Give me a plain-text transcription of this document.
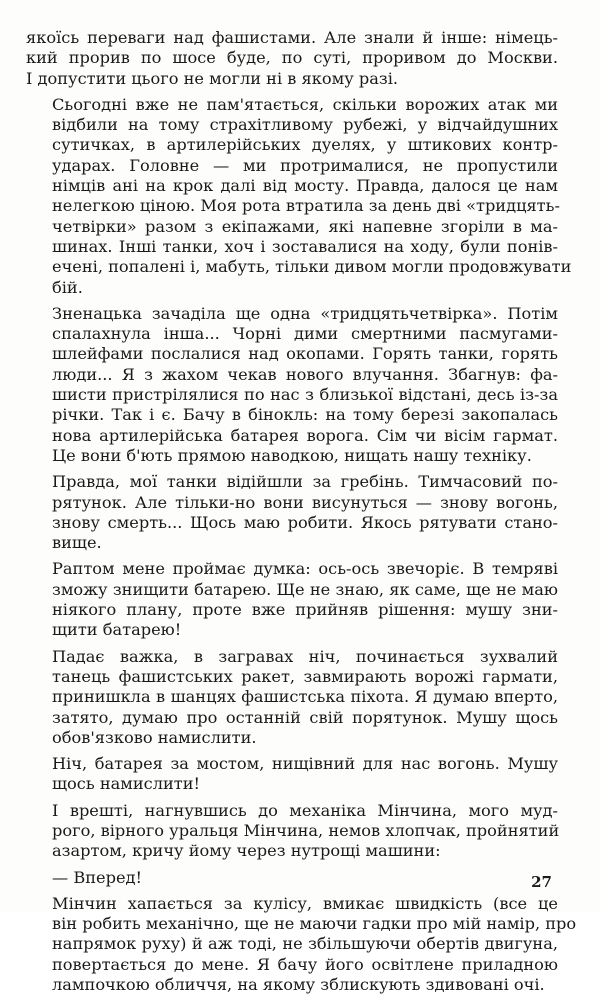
якоїсь переваги над фашистами. Але знали й інше: німець-
кий прорив по шосе буде, по суті, проривом до Москви.
І допустити цього не могли ні в якому разі.
Сьогодні вже не пам'ятається, скільки ворожих атак ми
відбили на тому страхітливому рубежі, у відчайдушних
сутичках, в артилерійських дуелях, у штикових контр-
ударах. Головне — ми протрималися, не пропустили
німців ані на крок далі від мосту. Правда, далося це нам
нелегкою ціною. Моя рота втратила за день дві «тридцять-
четвірки» разом з екіпажами, які напевне згоріли в ма-
шинах. Інші танки, хоч і зоставалися на ходу, були понів-
ечені, попалені і, мабуть, тільки дивом могли продовжувати
бій.
Зненацька зачаділа ще одна «тридцятьчетвірка». Потім
спалахнула інша... Чорні дими смертними пасмугами-
шлейфами послалися над окопами. Горять танки, горять
люди... Я з жахом чекав нового влучання. Збагнув: фа-
шисти пристрілялися по нас з близької відстані, десь із-за
річки. Так і є. Бачу в бінокль: на тому березі закопалась
нова артилерійська батарея ворога. Сім чи вісім гармат.
Це вони б'ють прямою наводкою, нищать нашу техніку.
Правда, мої танки відійшли за гребінь. Тимчасовий по-
рятунок. Але тільки-но вони висунуться — знову вогонь,
знову смерть... Щось маю робити. Якось рятувати стано-
вище.
Раптом мене проймає думка: ось-ось звечоріє. В темряві
зможу знищити батарею. Ще не знаю, як саме, ще не маю
ніякого плану, проте вже прийняв рішення: мушу зни-
щити батарею!
Падає важка, в загравах ніч, починається зухвалий
танець фашистських ракет, завмирають ворожі гармати,
принишкла в шанцях фашистська піхота. Я думаю вперто,
затято, думаю про останній свій порятунок. Мушу щось
обов'язково намислити.
Ніч, батарея за мостом, нищівний для нас вогонь. Мушу
щось намислити!
І врешті, нагнувшись до механіка Мінчина, мого муд-
рого, вірного уральця Мінчина, немов хлопчак, пройнятий
азартом, кричу йому через нутрощі машини:
— Вперед!
Мінчин хапається за кулісу, вмикає швидкість (все це
він робить механічно, ще не маючи гадки про мій намір, про
напрямок руху) й аж тоді, не збільшуючи обертів двигуна,
повертається до мене. Я бачу його освітлене приладною
лампочкою обличчя, на якому зблискують здивовані очі.
27
